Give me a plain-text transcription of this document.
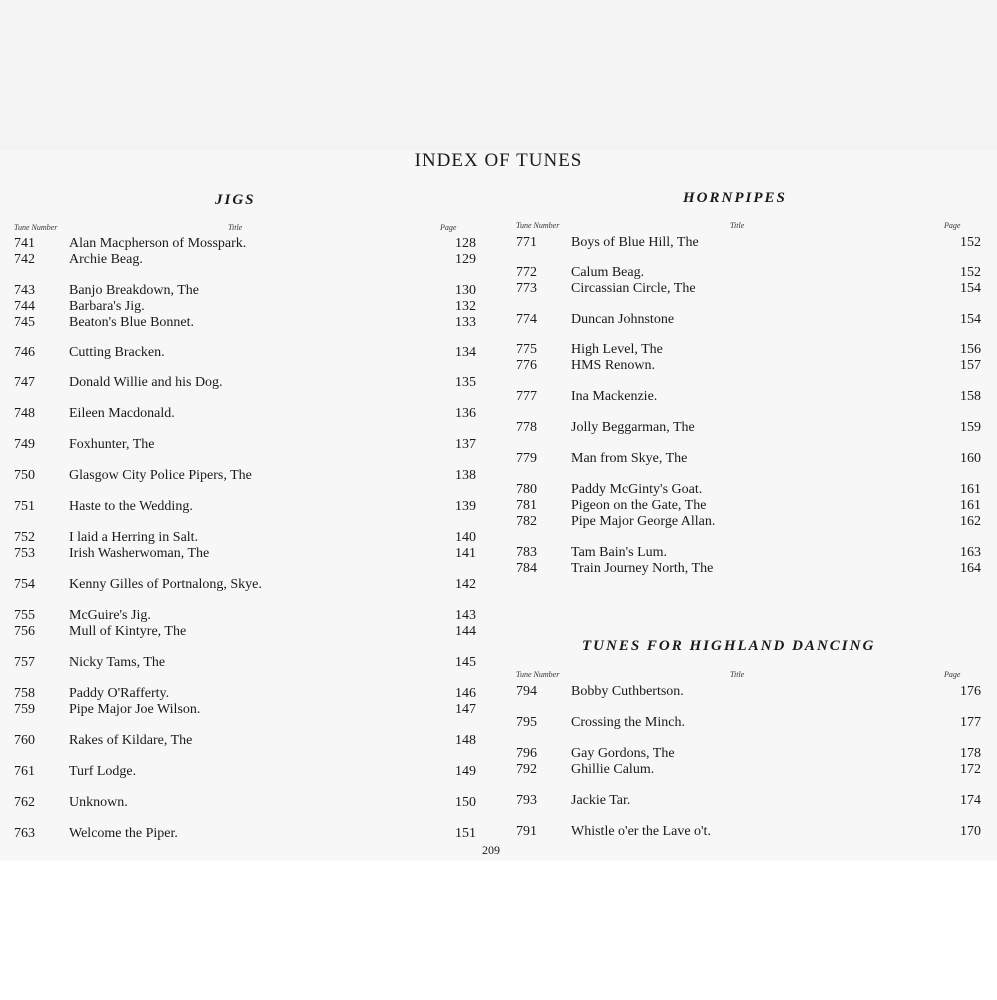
INDEX OF TUNES
JIGS
Tune Number	Title	Page
741	Alan Macpherson of Mosspark.	128
742	Archie Beag.	129
743	Banjo Breakdown, The	130
744	Barbara's Jig.	132
745	Beaton's Blue Bonnet.	133
746	Cutting Bracken.	134
747	Donald Willie and his Dog.	135
748	Eileen Macdonald.	136
749	Foxhunter, The	137
750	Glasgow City Police Pipers, The	138
751	Haste to the Wedding.	139
752	I laid a Herring in Salt.	140
753	Irish Washerwoman, The	141
754	Kenny Gilles of Portnalong, Skye.	142
755	McGuire's Jig.	143
756	Mull of Kintyre, The	144
757	Nicky Tams, The	145
758	Paddy O'Rafferty.	146
759	Pipe Major Joe Wilson.	147
760	Rakes of Kildare, The	148
761	Turf Lodge.	149
762	Unknown.	150
763	Welcome the Piper.	151
HORNPIPES
Tune Number	Title	Page
771 Boys of Blue Hill, The	152
772 Calum Beag.	152
773 Circassian Circle, The	154
774 Duncan Johnstone	154
775 High Level, The	156
776 HMS Renown.	157
777 Ina Mackenzie.	158
778 Jolly Beggarman, The	159
779 Man from Skye, The	160
780 Paddy McGinty's Goat.	161
781 Pigeon on the Gate, The	161
782 Pipe Major George Allan.	162
783 Tam Bain's Lum.	163
784 Train Journey North, The	164
TUNES FOR HIGHLAND DANCING
Tune Number	Title	Page
794 Bobby Cuthbertson.	176
795 Crossing the Minch.	177
796 Gay Gordons, The	178
792 Ghillie Calum.	172
793 Jackie Tar.	174
791 Whistle o'er the Lave o't.	170
209
